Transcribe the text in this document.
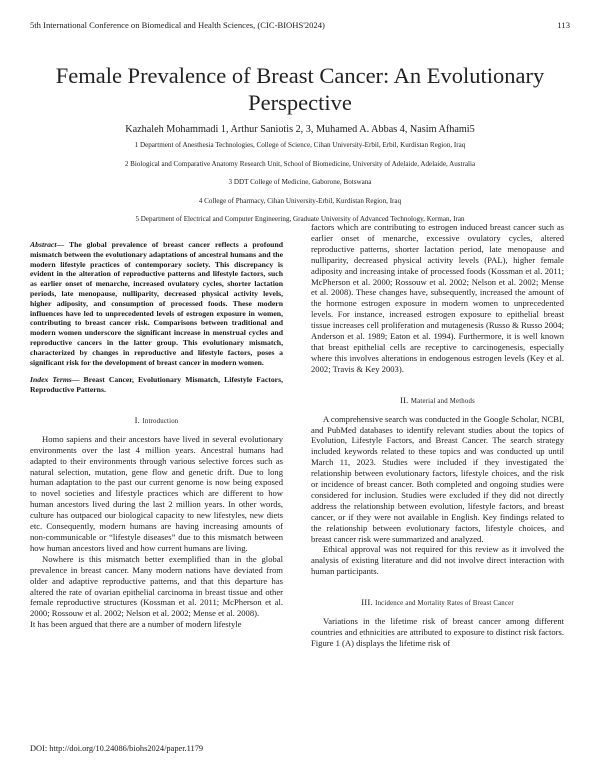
5th International Conference on Biomedical and Health Sciences, (CIC-BIOHS'2024)	113
Female Prevalence of Breast Cancer: An Evolutionary Perspective
Kazhaleh Mohammadi 1, Arthur Saniotis 2, 3, Muhamed A. Abbas 4, Nasim Afhami5
1 Department of Anesthesia Technologies, College of Science, Cihan University-Erbil, Erbil, Kurdistan Region, Iraq
2 Biological and Comparative Anatomy Research Unit, School of Biomedicine, University of Adelaide, Adelaide, Australia
3 DDT College of Medicine, Gaborone, Botswana
4 College of Pharmacy, Cihan University-Erbil, Kurdistan Region, Iraq
5 Department of Electrical and Computer Engineering, Graduate University of Advanced Technology, Kerman, Iran
Abstract— The global prevalence of breast cancer reflects a profound mismatch between the evolutionary adaptations of ancestral humans and the modern lifestyle practices of contemporary society. This discrepancy is evident in the alteration of reproductive patterns and lifestyle factors, such as earlier onset of menarche, increased ovulatory cycles, shorter lactation periods, late menopause, nulliparity, decreased physical activity levels, higher adiposity, and consumption of processed foods. These modern influences have led to unprecedented levels of estrogen exposure in women, contributing to breast cancer risk. Comparisons between traditional and modern women underscore the significant increase in menstrual cycles and reproductive cancers in the latter group. This evolutionary mismatch, characterized by changes in reproductive and lifestyle factors, poses a significant risk for the development of breast cancer in modern women.
Index Terms— Breast Cancer, Evolutionary Mismatch, Lifestyle Factors, Reproductive Patterns.
I. Introduction

Homo sapiens and their ancestors have lived in several evolutionary environments over the last 4 million years. Ancestral humans had adapted to their environments through various selective forces such as natural selection, mutation, gene flow and genetic drift. Due to long human adaptation to the past our current genome is now being exposed to novel societies and lifestyle practices which are different to how human ancestors lived during the last 2 million years. In other words, culture has outpaced our biological capacity to new lifestyles, new diets etc. Consequently, modern humans are having increasing amounts of non-communicable or “lifestyle diseases” due to this mismatch between how human ancestors lived and how current humans are living.

Nowhere is this mismatch better exemplified than in the global prevalence in breast cancer. Many modern nations have deviated from older and adaptive reproductive patterns, and that this departure has altered the rate of ovarian epithelial carcinoma in breast tissue and other female reproductive structures (Kossman et al. 2011; McPherson et al. 2000; Rossouw et al. 2002; Nelson et al. 2002; Mense et al. 2008).

It has been argued that there are a number of modern lifestyle

factors which are contributing to estrogen induced breast cancer such as earlier onset of menarche, excessive ovulatory cycles, altered reproductive patterns, shorter lactation period, late menopause and nulliparity, decreased physical activity levels (PAL), higher female adiposity and increasing intake of processed foods (Kossman et al. 2011; McPherson et al. 2000; Rossouw et al. 2002; Nelson et al. 2002; Mense et al. 2008). These changes have, subsequently, increased the amount of the hormone estrogen exposure in modern women to unprecedented levels. For instance, increased estrogen exposure to epithelial breast tissue increases cell proliferation and mutagenesis (Russo & Russo 2004; Anderson et al. 1989; Eaton et al. 1994). Furthermore, it is well known that breast epithelial cells are receptive to carcinogenesis, especially where this involves alterations in endogenous estrogen levels (Key et al. 2002; Travis & Key 2003).

II. Material and Methods

A comprehensive search was conducted in the Google Scholar, NCBI, and PubMed databases to identify relevant studies about the topics of Evolution, Lifestyle Factors, and Breast Cancer. The search strategy included keywords related to these topics and was conducted up until March 11, 2023. Studies were included if they investigated the relationship between evolutionary factors, lifestyle choices, and the risk or incidence of breast cancer. Both completed and ongoing studies were considered for inclusion. Studies were excluded if they did not directly address the relationship between evolution, lifestyle factors, and breast cancer, or if they were not available in English. Key findings related to the relationship between evolutionary factors, lifestyle choices, and breast cancer risk were summarized and analyzed.

Ethical approval was not required for this review as it involved the analysis of existing literature and did not involve direct interaction with human participants.

III. Incidence and Mortality Rates of Breast Cancer

Variations in the lifetime risk of breast cancer among different countries and ethnicities are attributed to exposure to distinct risk factors. Figure 1 (A) displays the lifetime risk of

DOI: http://doi.org/10.24086/biohs2024/paper.1179
